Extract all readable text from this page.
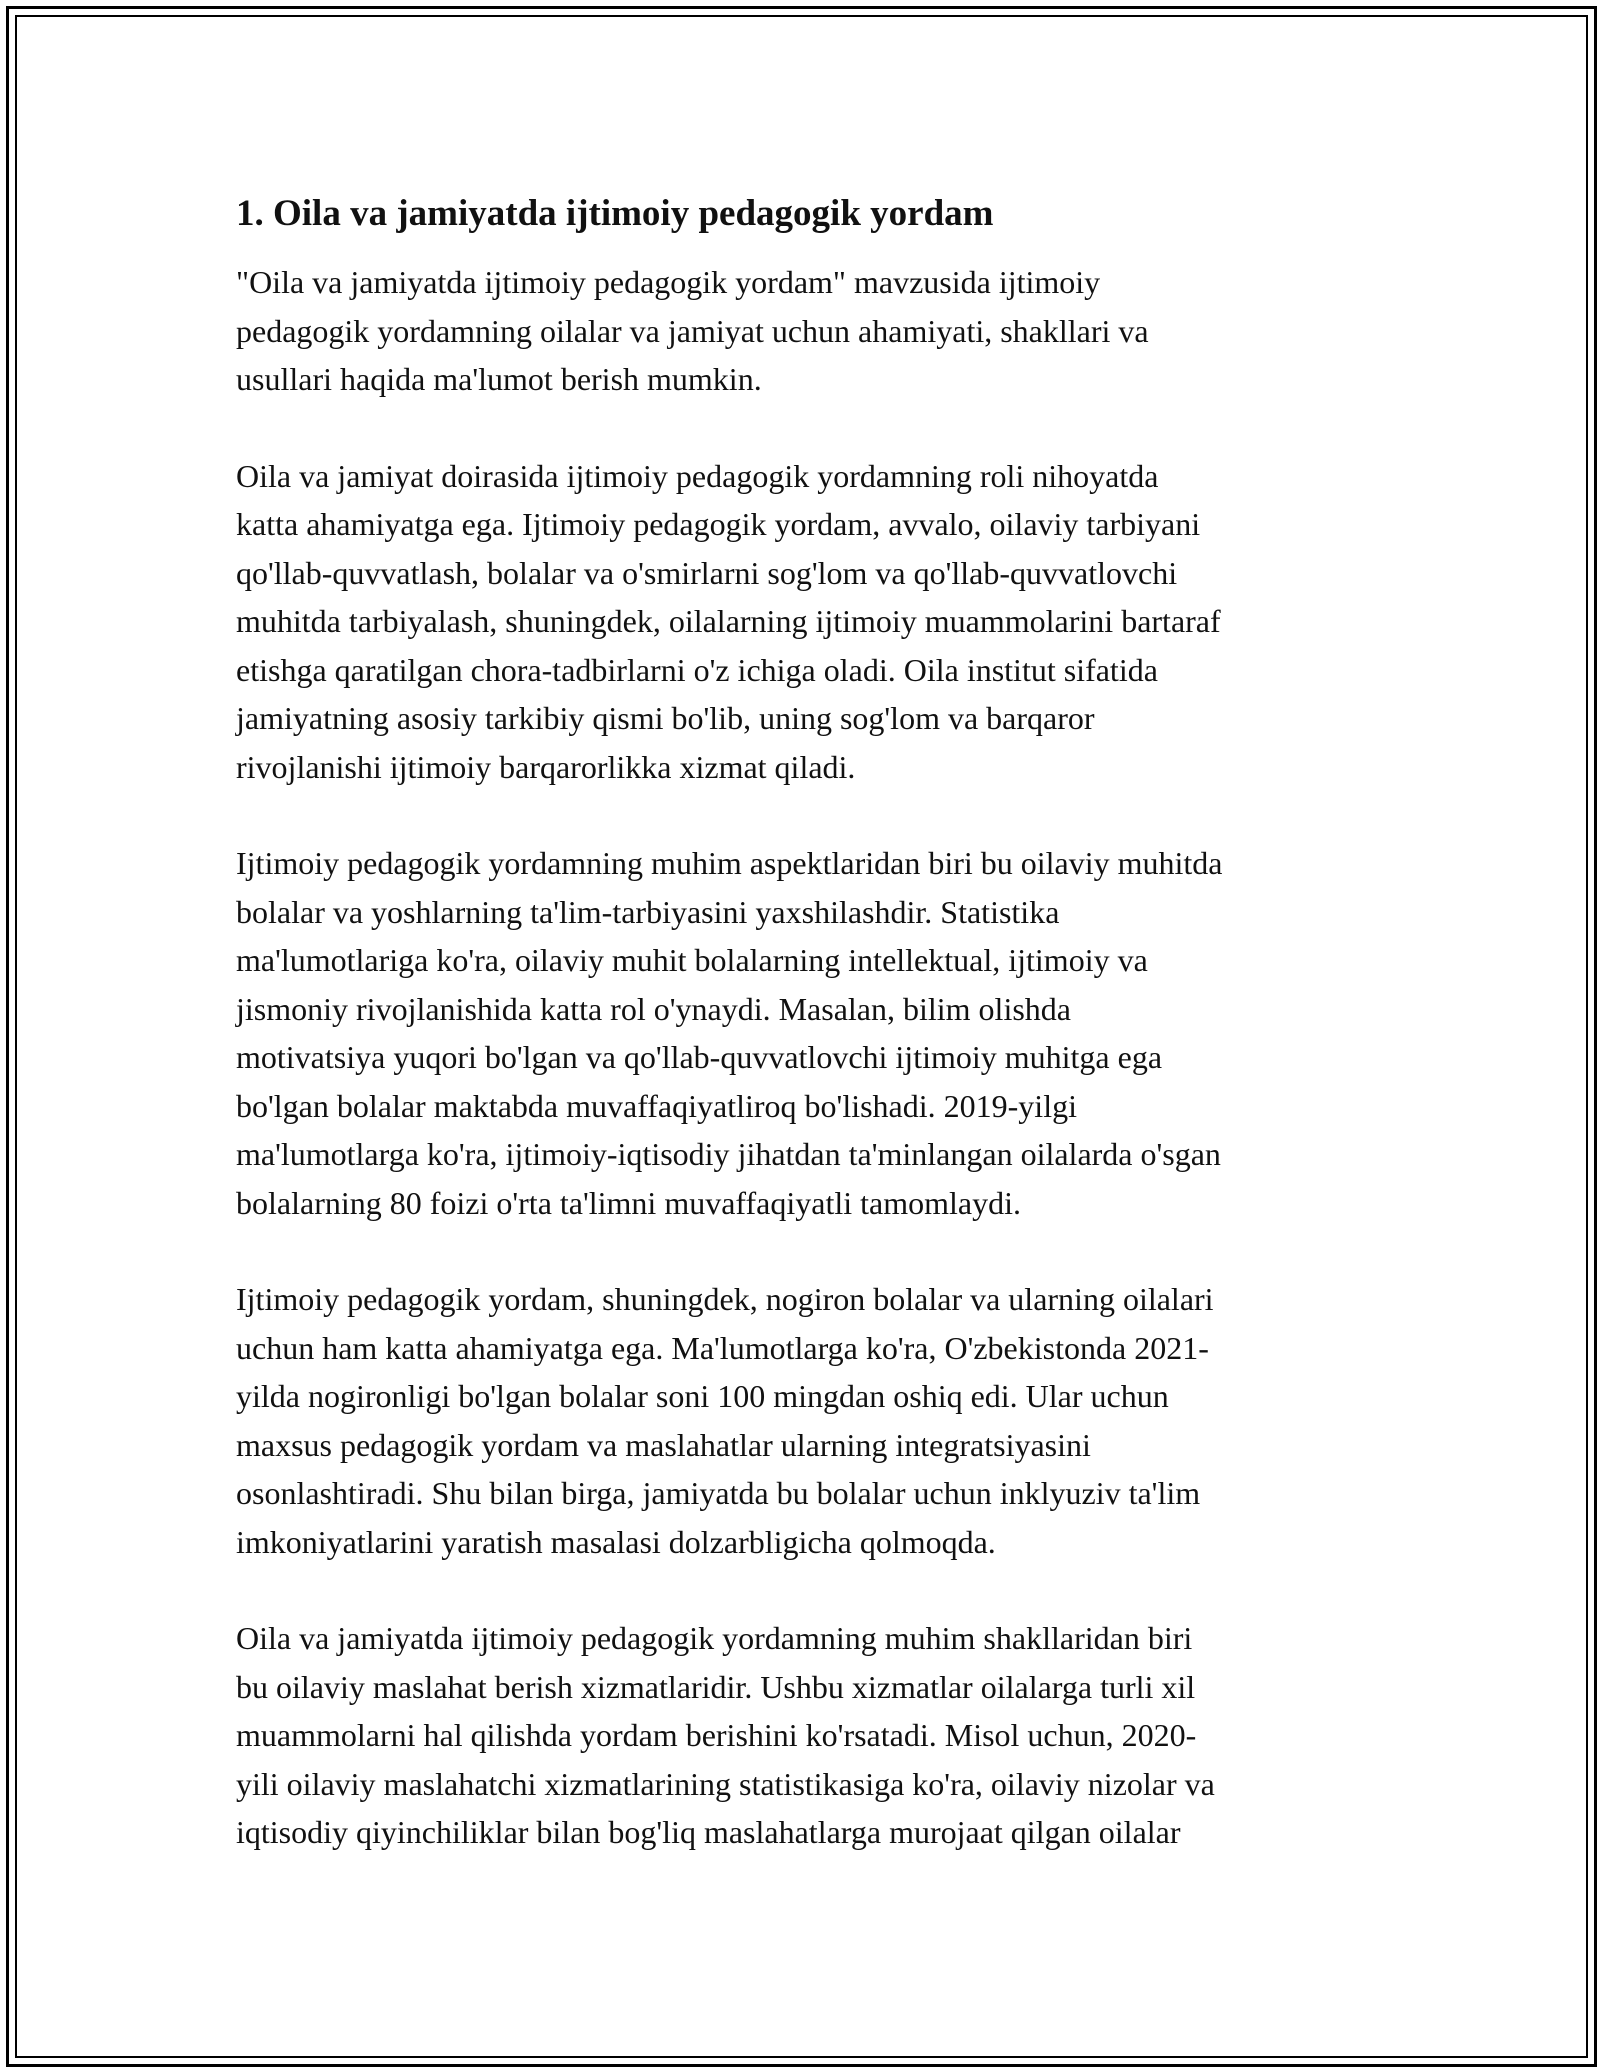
1. Oila va jamiyatda ijtimoiy pedagogik yordam

"Oila va jamiyatda ijtimoiy pedagogik yordam" mavzusida ijtimoiy
pedagogik yordamning oilalar va jamiyat uchun ahamiyati, shakllari va
usullari haqida ma'lumot berish mumkin.

Oila va jamiyat doirasida ijtimoiy pedagogik yordamning roli nihoyatda
katta ahamiyatga ega. Ijtimoiy pedagogik yordam, avvalo, oilaviy tarbiyani
qo'llab-quvvatlash, bolalar va o'smirlarni sog'lom va qo'llab-quvvatlovchi
muhitda tarbiyalash, shuningdek, oilalarning ijtimoiy muammolarini bartaraf
etishga qaratilgan chora-tadbirlarni o'z ichiga oladi. Oila institut sifatida
jamiyatning asosiy tarkibiy qismi bo'lib, uning sog'lom va barqaror
rivojlanishi ijtimoiy barqarorlikka xizmat qiladi.

Ijtimoiy pedagogik yordamning muhim aspektlaridan biri bu oilaviy muhitda
bolalar va yoshlarning ta'lim-tarbiyasini yaxshilashdir. Statistika
ma'lumotlariga ko'ra, oilaviy muhit bolalarning intellektual, ijtimoiy va
jismoniy rivojlanishida katta rol o'ynaydi. Masalan, bilim olishda
motivatsiya yuqori bo'lgan va qo'llab-quvvatlovchi ijtimoiy muhitga ega
bo'lgan bolalar maktabda muvaffaqiyatliroq bo'lishadi. 2019-yilgi
ma'lumotlarga ko'ra, ijtimoiy-iqtisodiy jihatdan ta'minlangan oilalarda o'sgan
bolalarning 80 foizi o'rta ta'limni muvaffaqiyatli tamomlaydi.

Ijtimoiy pedagogik yordam, shuningdek, nogiron bolalar va ularning oilalari
uchun ham katta ahamiyatga ega. Ma'lumotlarga ko'ra, O'zbekistonda 2021-
yilda nogironligi bo'lgan bolalar soni 100 mingdan oshiq edi. Ular uchun
maxsus pedagogik yordam va maslahatlar ularning integratsiyasini
osonlashtiradi. Shu bilan birga, jamiyatda bu bolalar uchun inklyuziv ta'lim
imkoniyatlarini yaratish masalasi dolzarbligicha qolmoqda.

Oila va jamiyatda ijtimoiy pedagogik yordamning muhim shakllaridan biri
bu oilaviy maslahat berish xizmatlaridir. Ushbu xizmatlar oilalarga turli xil
muammolarni hal qilishda yordam berishini ko'rsatadi. Misol uchun, 2020-
yili oilaviy maslahatchi xizmatlarining statistikasiga ko'ra, oilaviy nizolar va
iqtisodiy qiyinchiliklar bilan bog'liq maslahatlarga murojaat qilgan oilalar
